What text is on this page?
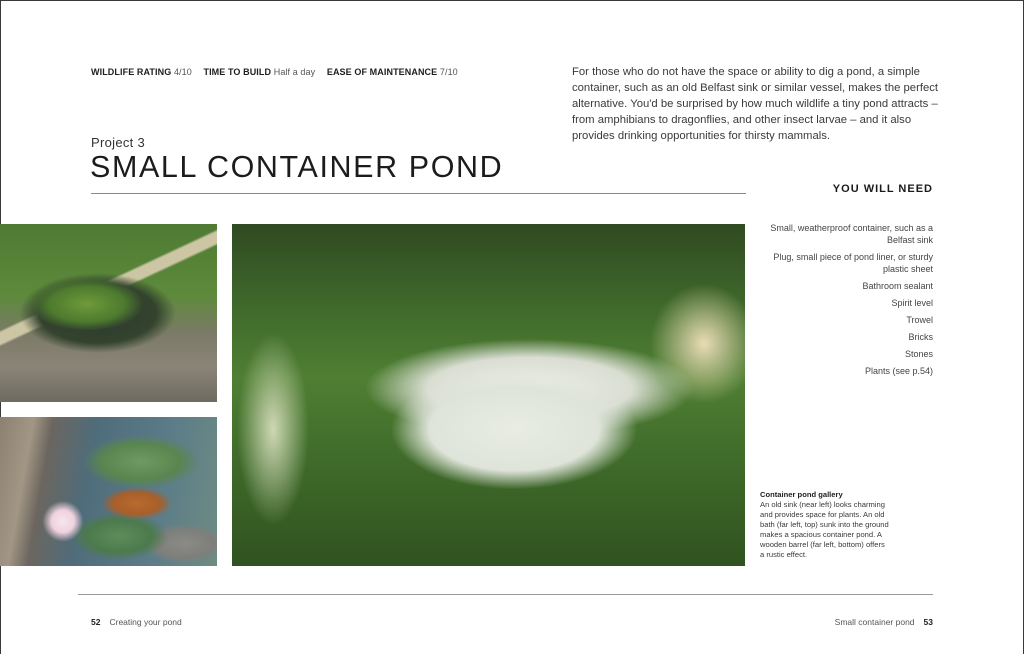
WILDLIFE RATING 4/10 TIME TO BUILD Half a day EASE OF MAINTENANCE 7/10	For those who do not have the space or ability to dig a pond, a simple container, such as an old Belfast sink or similar vessel, makes the perfect alternative. You'd be surprised by how much wildlife a tiny pond attracts – from amphibians to dragonflies, and other insect larvae – and it also provides drinking opportunities for thirsty mammals.

Project 3
SMALL CONTAINER POND
YOU WILL NEED
Small, weatherproof container, such as a Belfast sink
Plug, small piece of pond liner, or sturdy plastic sheet
Bathroom sealant
Spirit level
Trowel
Bricks
Stones
Plants (see p.54)
Container pond gallery
An old sink (near left) looks charming and provides space for plants. An old bath (far left, top) sunk into the ground makes a spacious container pond. A wooden barrel (far left, bottom) offers a rustic effect.
52 Creating your pond	Small container pond 53
